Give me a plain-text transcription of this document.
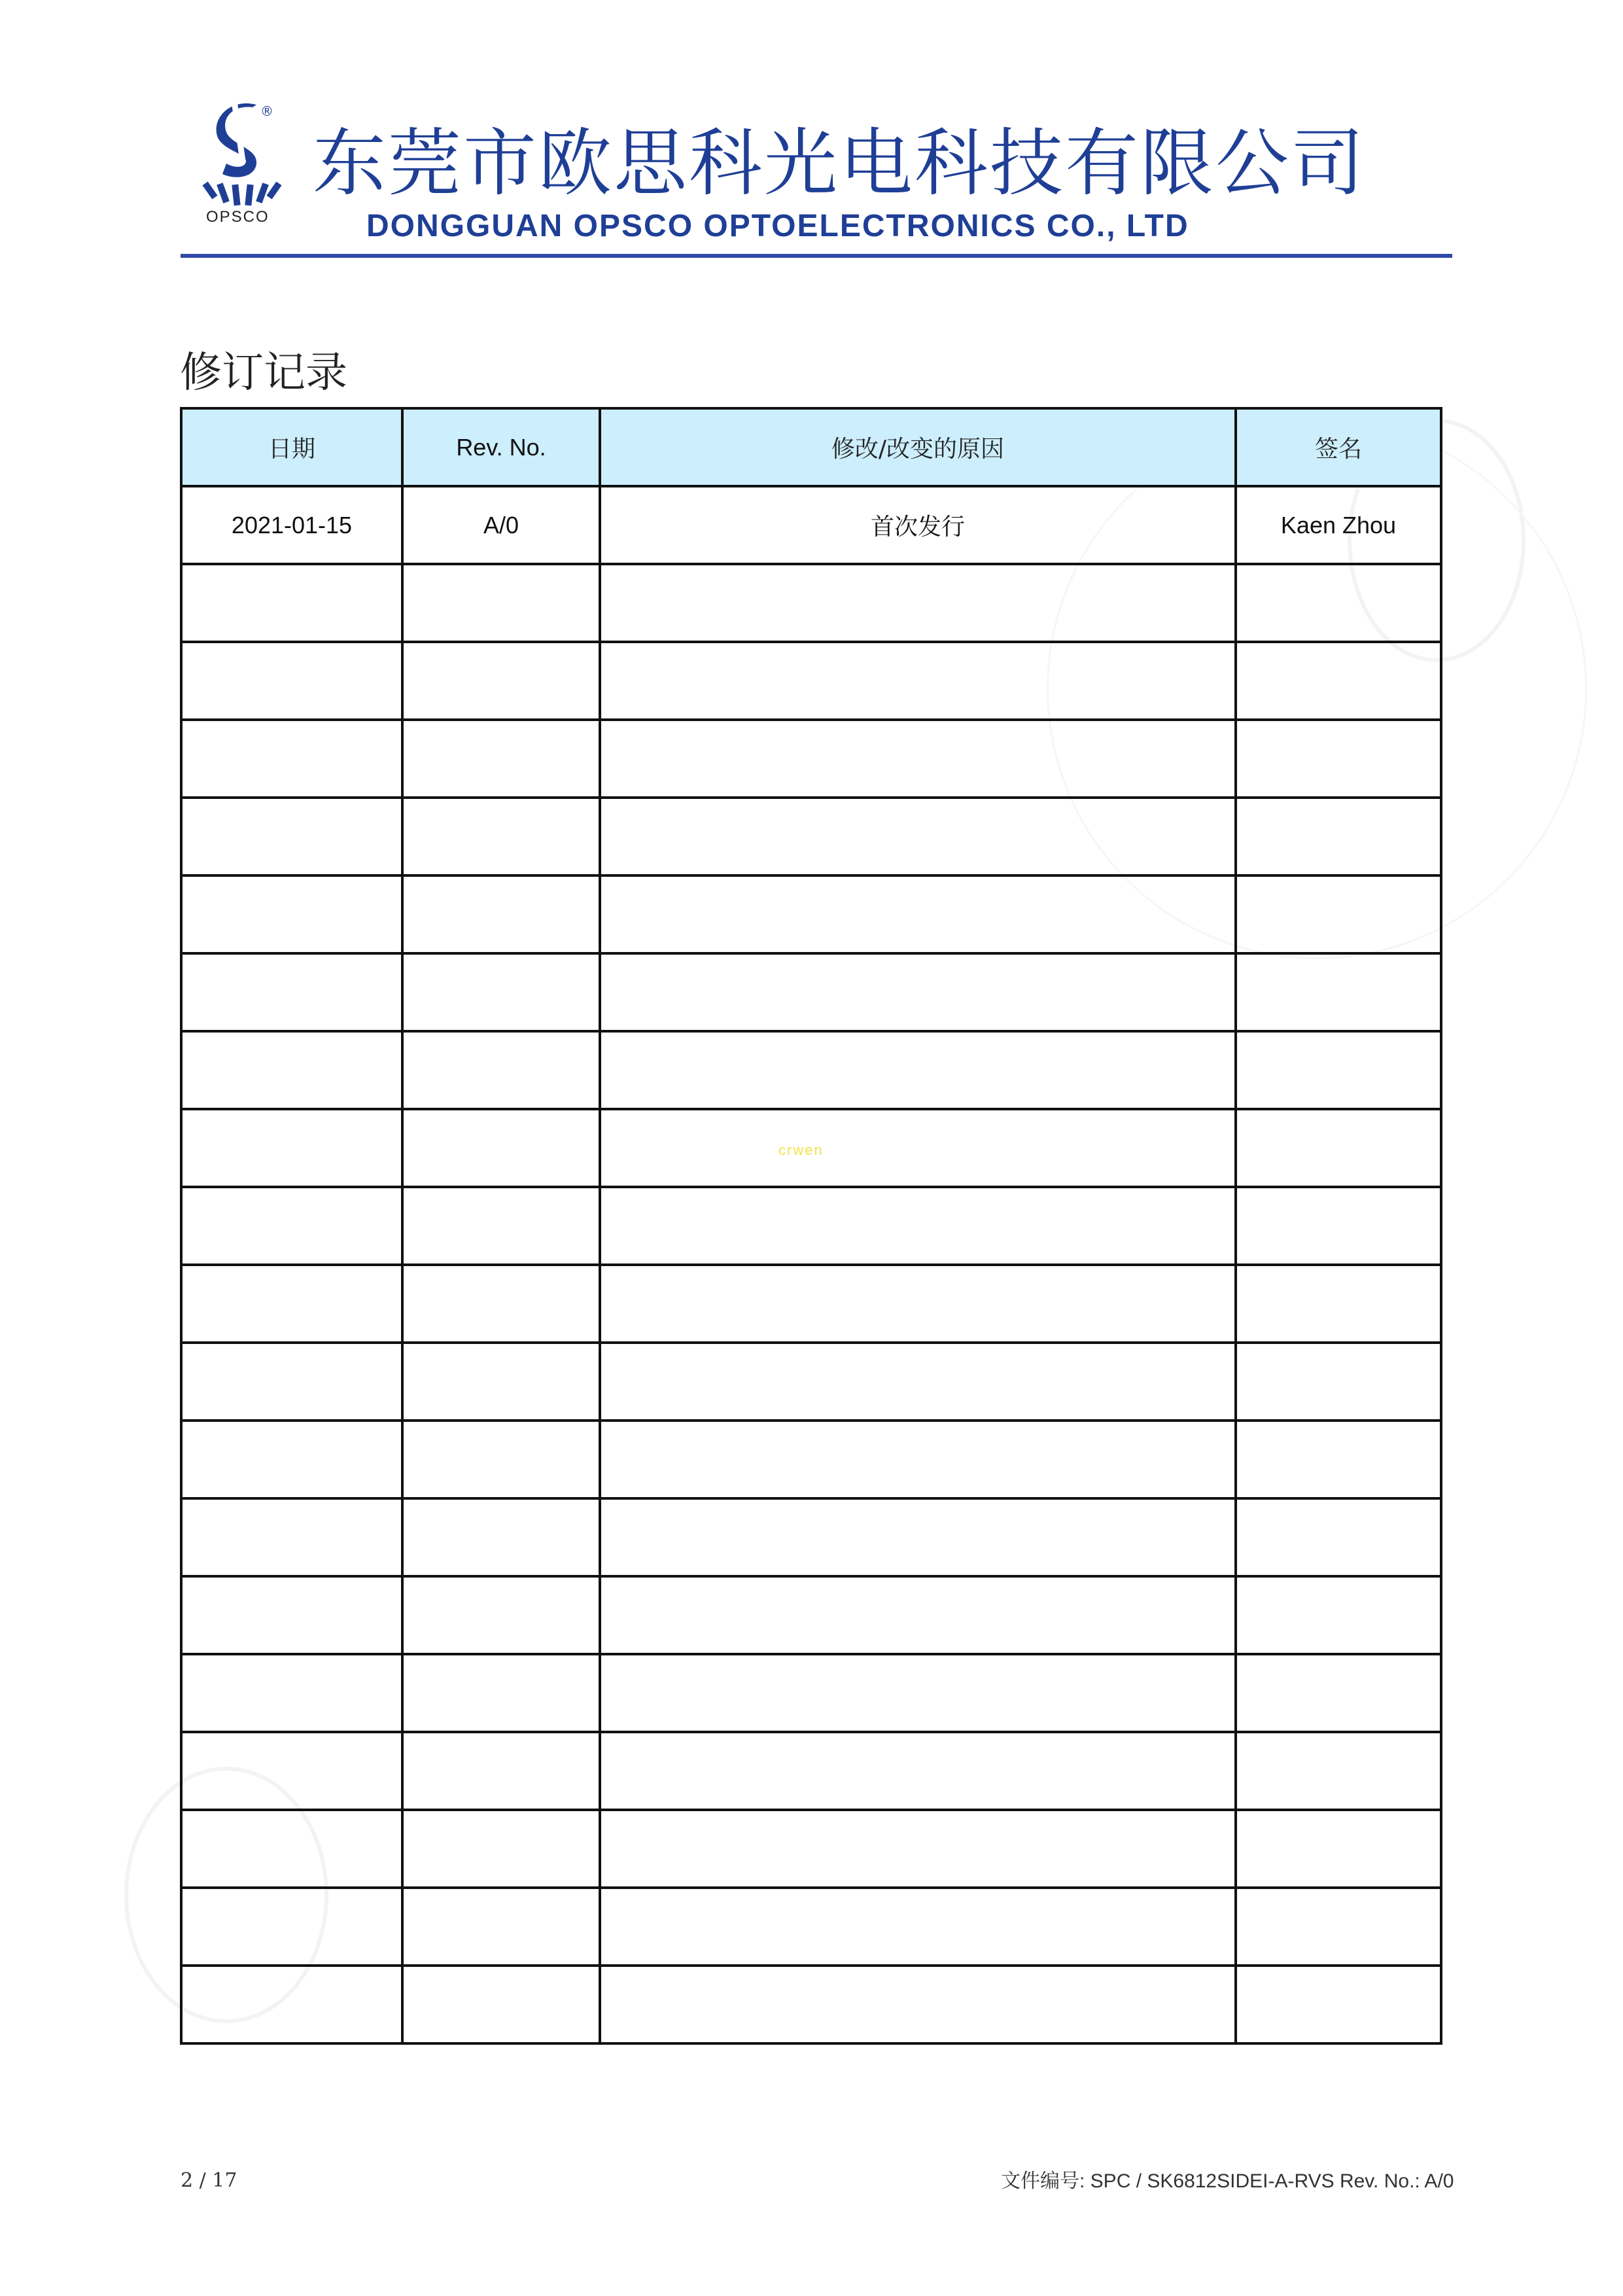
®
OPSCO
东莞市欧思科光电科技有限公司
DONGGUAN OPSCO OPTOELECTRONICS CO., LTD
修订记录
日期	Rev. No.	修改/改变的原因	签名
2021-01-15	A/0	首次发行	Kaen Zhou

crwen
2 / 17	文件编号: SPC / SK6812SIDEI-A-RVS Rev. No.: A/0
